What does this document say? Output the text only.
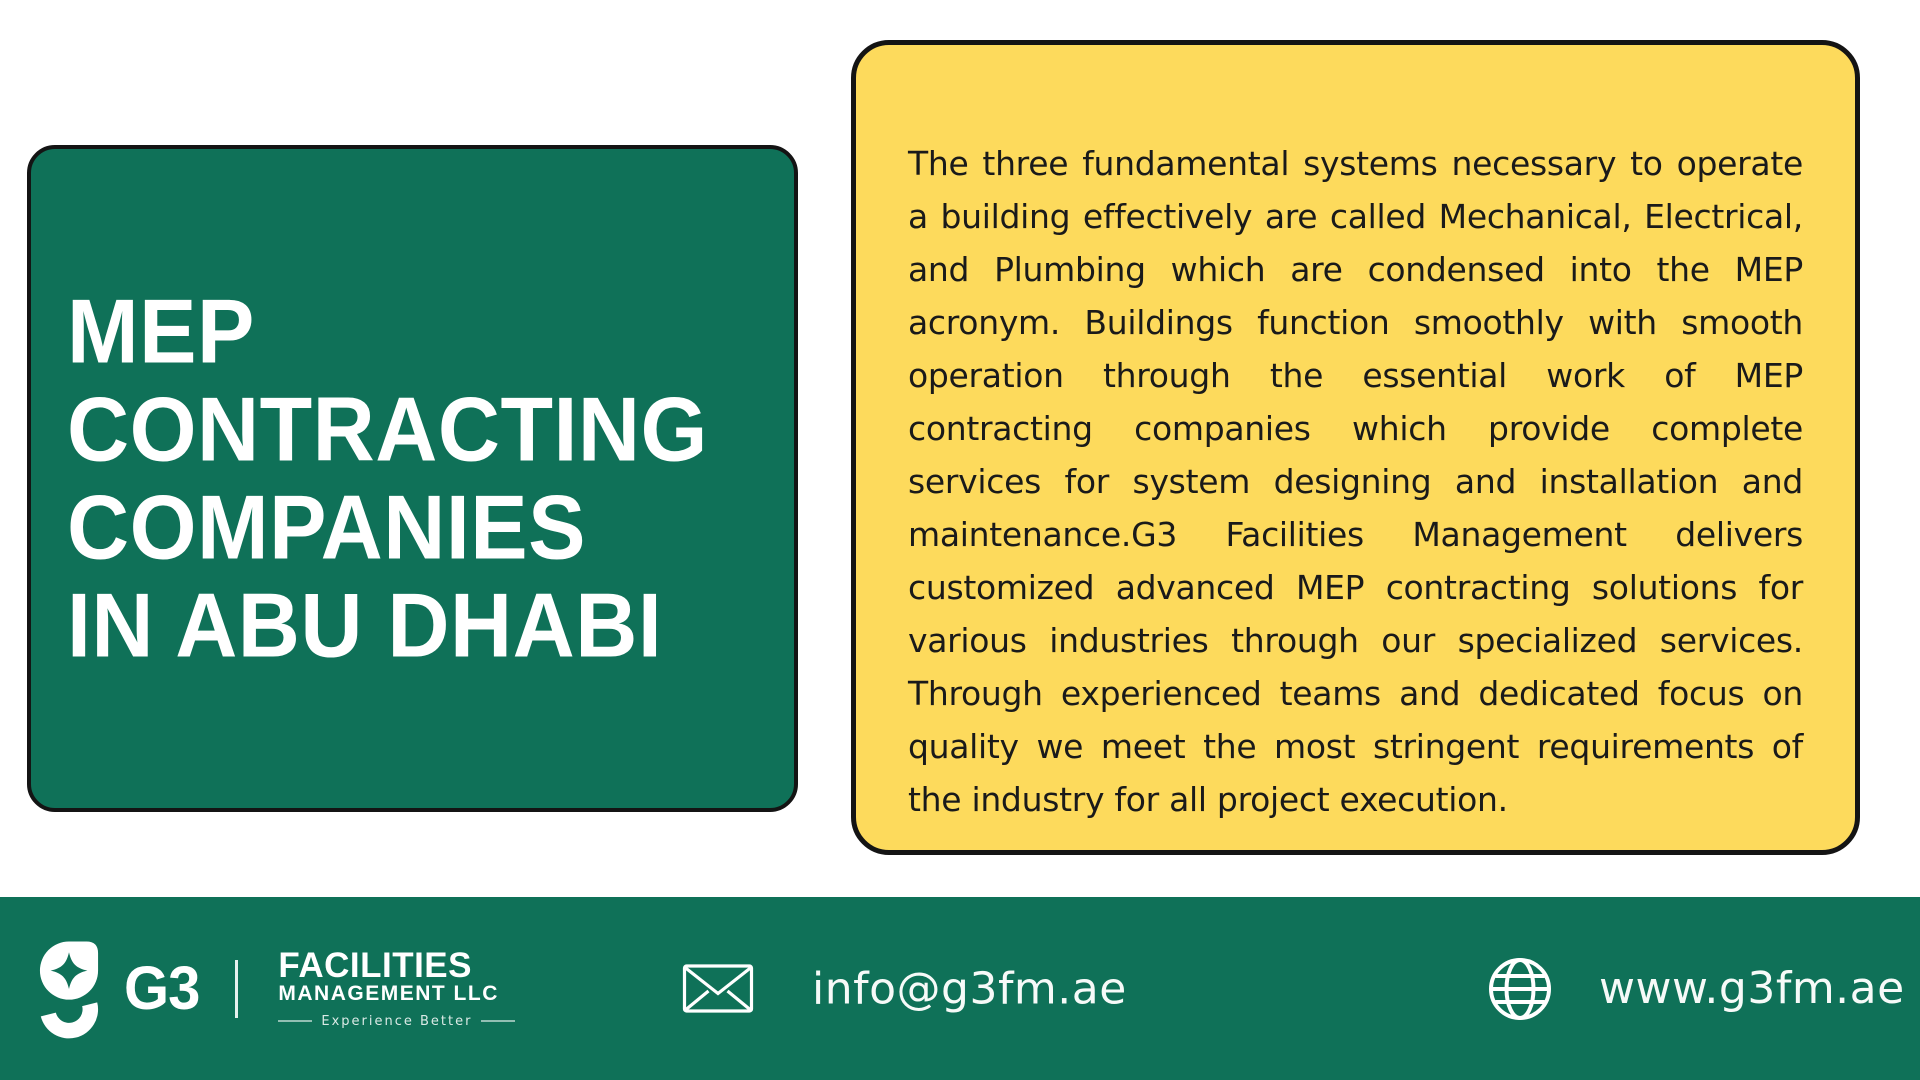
MEP
CONTRACTING
COMPANIES
IN ABU DHABI

The three fundamental systems necessary to operate a building effectively are called Mechanical, Electrical, and Plumbing which are condensed into the MEP acronym. Buildings function smoothly with smooth operation through the essential work of MEP contracting companies which provide complete services for system designing and installation and maintenance.G3 Facilities Management delivers customized advanced MEP contracting solutions for various industries through our specialized services. Through experienced teams and dedicated focus on quality we meet the most stringent requirements of the industry for all project execution.

G3 FACILITIES
MANAGEMENT LLC
Experience Better
info@g3fm.ae	www.g3fm.ae
